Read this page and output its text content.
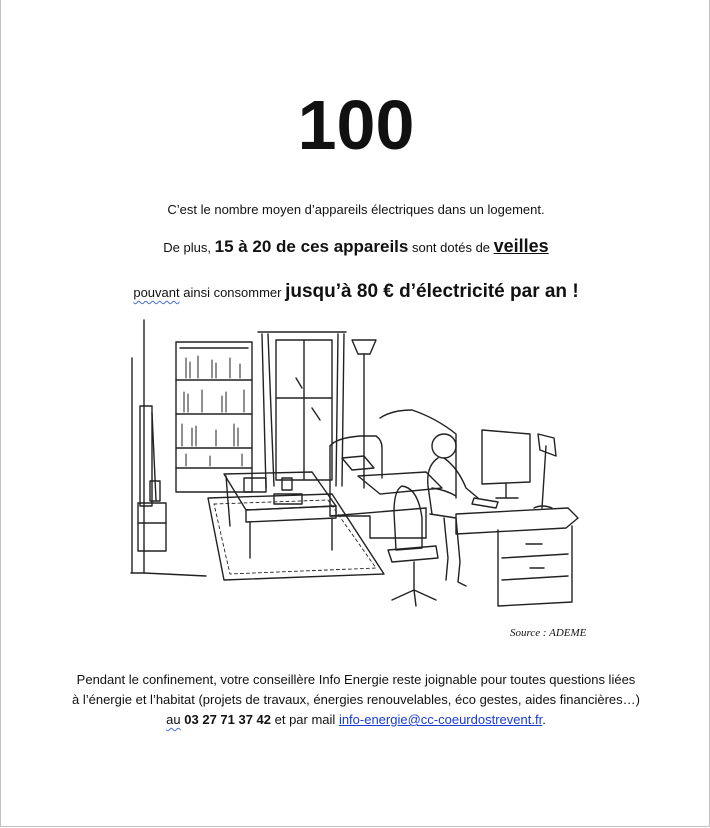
100
C’est le nombre moyen d’appareils électriques dans un logement.
De plus, 15 à 20 de ces appareils sont dotés de veilles
pouvant ainsi consommer jusqu’à 80 € d’électricité par an !
Source : ADEME
Pendant le confinement, votre conseillère Info Energie reste joignable pour toutes questions liées
à l’énergie et l’habitat (projets de travaux, énergies renouvelables, éco gestes, aides financières…)
au 03 27 71 37 42 et par mail info-energie@cc-coeurdostrevent.fr.
